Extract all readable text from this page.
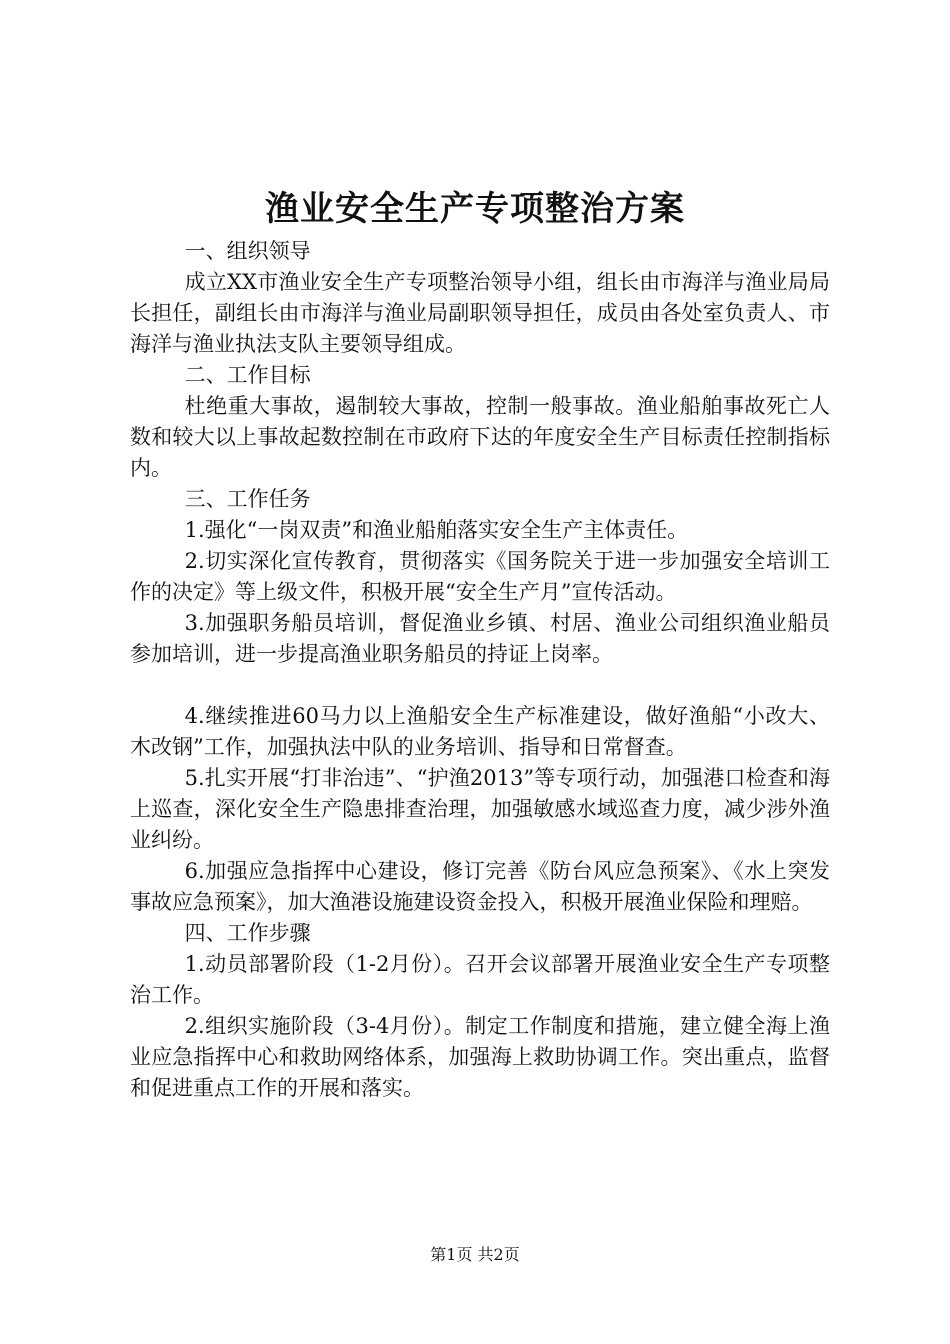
渔业安全生产专项整治方案

一、组织领导

成立XX市渔业安全生产专项整治领导小组，组长由市海洋与渔业局局长担任，副组长由市海洋与渔业局副职领导担任，成员由各处室负责人、市海洋与渔业执法支队主要领导组成。

二、工作目标

杜绝重大事故，遏制较大事故，控制一般事故。渔业船舶事故死亡人数和较大以上事故起数控制在市政府下达的年度安全生产目标责任控制指标内。

三、工作任务

1.强化“一岗双责”和渔业船舶落实安全生产主体责任。

2.切实深化宣传教育，贯彻落实《国务院关于进一步加强安全培训工作的决定》等上级文件，积极开展“安全生产月”宣传活动。

3.加强职务船员培训，督促渔业乡镇、村居、渔业公司组织渔业船员参加培训，进一步提高渔业职务船员的持证上岗率。

4.继续推进60马力以上渔船安全生产标准建设，做好渔船“小改大、木改钢”工作，加强执法中队的业务培训、指导和日常督查。

5.扎实开展“打非治违”、“护渔2013”等专项行动，加强港口检查和海上巡查，深化安全生产隐患排查治理，加强敏感水域巡查力度，减少涉外渔业纠纷。

6.加强应急指挥中心建设，修订完善《防台风应急预案》、《水上突发事故应急预案》，加大渔港设施建设资金投入，积极开展渔业保险和理赔。

四、工作步骤

1.动员部署阶段（1-2月份）。召开会议部署开展渔业安全生产专项整治工作。

2.组织实施阶段（3-4月份）。制定工作制度和措施，建立健全海上渔业应急指挥中心和救助网络体系，加强海上救助协调工作。突出重点，监督和促进重点工作的开展和落实。

第1页 共2页
